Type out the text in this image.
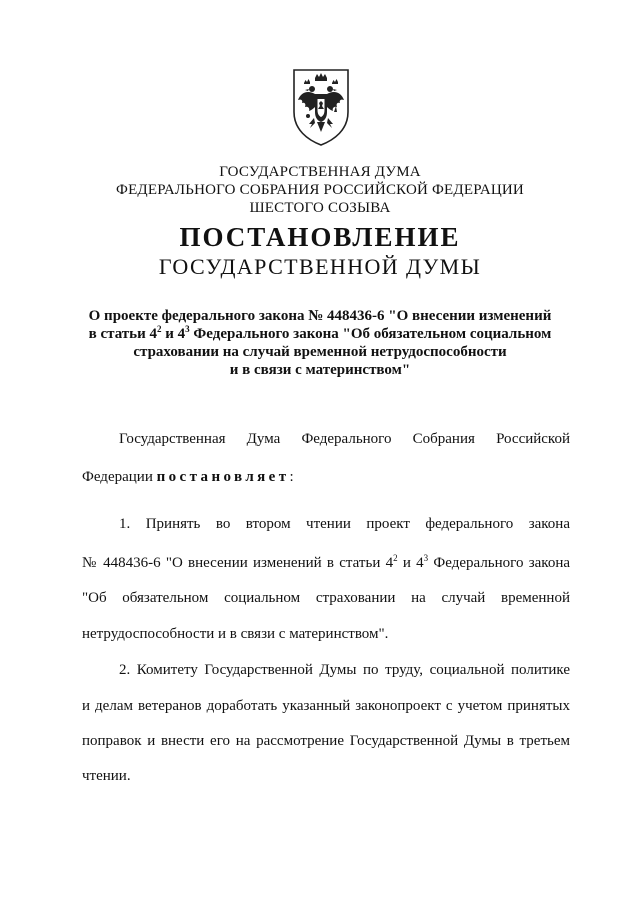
ГОСУДАРСТВЕННАЯ ДУМА
ФЕДЕРАЛЬНОГО СОБРАНИЯ РОССИЙСКОЙ ФЕДЕРАЦИИ
ШЕСТОГО СОЗЫВА
ПОСТАНОВЛЕНИЕ
ГОСУДАРСТВЕННОЙ ДУМЫ
О проекте федерального закона № 448436-6 "О внесении изменений
в статьи $4^2$ и $4^3$ Федерального закона "Об обязательном социальном
страховании на случай временной нетрудоспособности
и в связи с материнством"
Государственная Дума Федерального Собрания Российской
Федерации постановляет:
1. Принять во втором чтении проект федерального закона
№ 448436-6 "О внесении изменений в статьи $4^2$ и $4^3$ Федерального закона
"Об обязательном социальном страховании на случай временной
нетрудоспособности и в связи с материнством".
2. Комитету Государственной Думы по труду, социальной политике
и делам ветеранов доработать указанный законопроект с учетом принятых
поправок и внести его на рассмотрение Государственной Думы в третьем
чтении.
